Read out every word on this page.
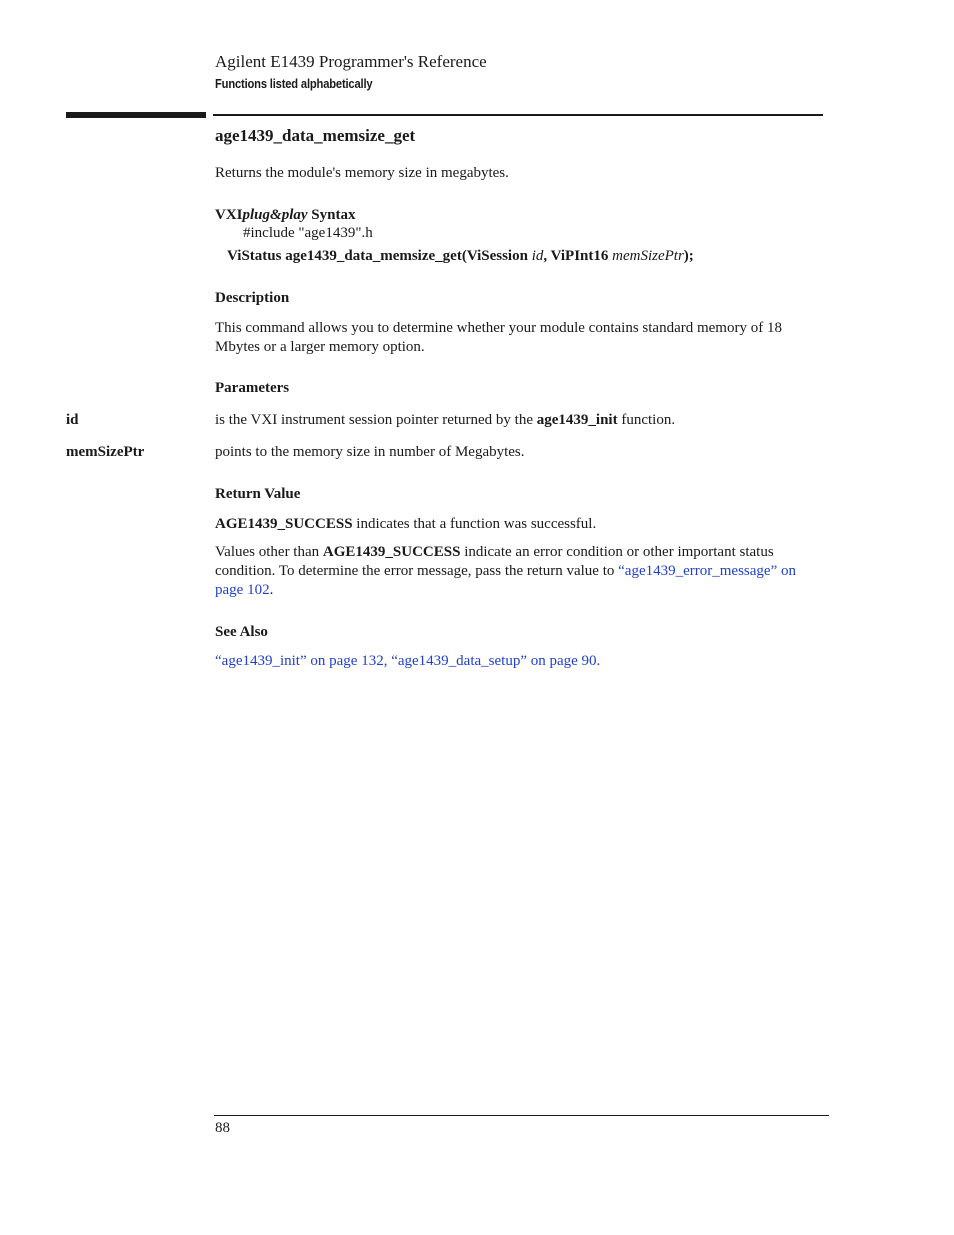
Agilent E1439 Programmer's Reference
Functions listed alphabetically
age1439_data_memsize_get
Returns the module's memory size in megabytes.
VXIplug&play Syntax
#include "age1439".h
ViStatus age1439_data_memsize_get(ViSession id, ViPInt16 memSizePtr);
Description
This command allows you to determine whether your module contains standard memory of 18 Mbytes or a larger memory option.
Parameters
id	is the VXI instrument session pointer returned by the age1439_init function.
memSizePtr	points to the memory size in number of Megabytes.
Return Value
AGE1439_SUCCESS indicates that a function was successful.
Values other than AGE1439_SUCCESS indicate an error condition or other important status condition. To determine the error message, pass the return value to “age1439_error_message” on page 102.
See Also
“age1439_init” on page 132, “age1439_data_setup” on page 90.
88
